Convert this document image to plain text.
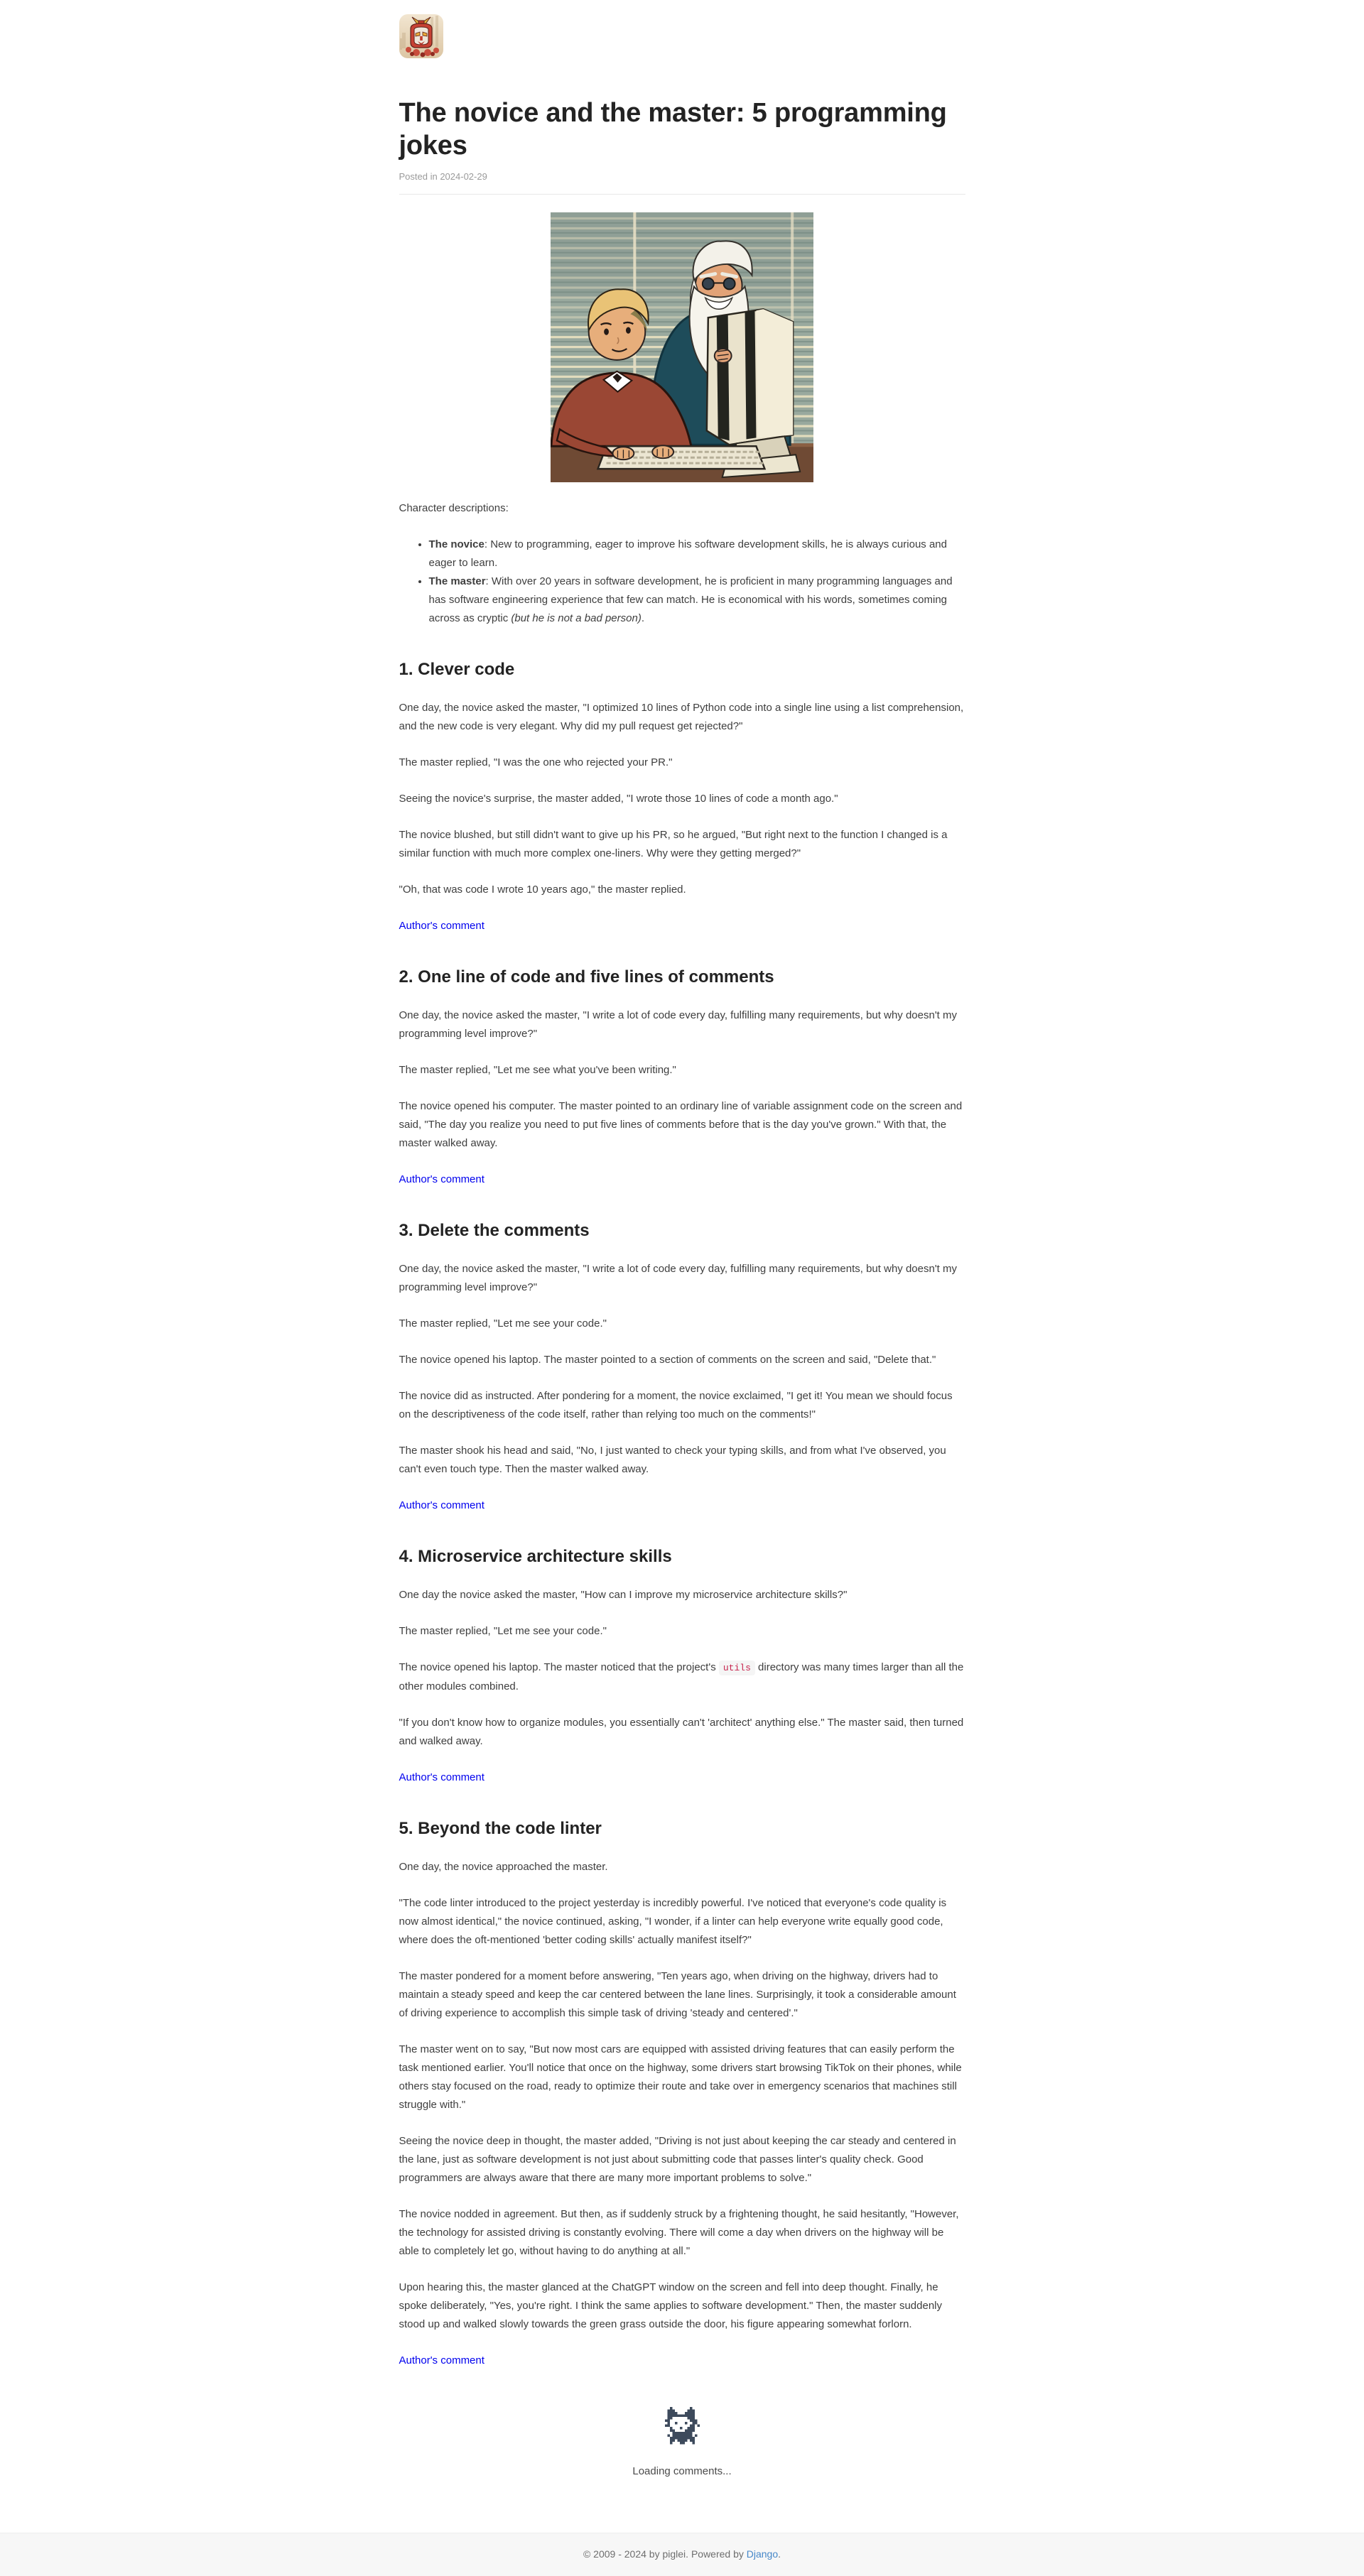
The novice and the master: 5 programming jokes
Posted in 2024-02-29

Character descriptions:

• The novice: New to programming, eager to improve his software development skills, he is always curious and eager to learn.
• The master: With over 20 years in software development, he is proficient in many programming languages and has software engineering experience that few can match. He is economical with his words, sometimes coming across as cryptic (but he is not a bad person).
1. Clever code

One day, the novice asked the master, "I optimized 10 lines of Python code into a single line using a list comprehension, and the new code is very elegant. Why did my pull request get rejected?"

The master replied, "I was the one who rejected your PR."

Seeing the novice's surprise, the master added, "I wrote those 10 lines of code a month ago."

The novice blushed, but still didn't want to give up his PR, so he argued, "But right next to the function I changed is a similar function with much more complex one-liners. Why were they getting merged?"

"Oh, that was code I wrote 10 years ago," the master replied.

Author's comment

2. One line of code and five lines of comments

One day, the novice asked the master, "I write a lot of code every day, fulfilling many requirements, but why doesn't my programming level improve?"

The master replied, "Let me see what you've been writing."

The novice opened his computer. The master pointed to an ordinary line of variable assignment code on the screen and said, "The day you realize you need to put five lines of comments before that is the day you've grown." With that, the master walked away.

Author's comment

3. Delete the comments

One day, the novice asked the master, "I write a lot of code every day, fulfilling many requirements, but why doesn't my programming level improve?"

The master replied, "Let me see your code."

The novice opened his laptop. The master pointed to a section of comments on the screen and said, "Delete that."

The novice did as instructed. After pondering for a moment, the novice exclaimed, "I get it! You mean we should focus on the descriptiveness of the code itself, rather than relying too much on the comments!"

The master shook his head and said, "No, I just wanted to check your typing skills, and from what I've observed, you can't even touch type. Then the master walked away.

Author's comment

4. Microservice architecture skills

One day the novice asked the master, "How can I improve my microservice architecture skills?"

The master replied, "Let me see your code."

The novice opened his laptop. The master noticed that the project's utils directory was many times larger than all the other modules combined.

"If you don't know how to organize modules, you essentially can't 'architect' anything else." The master said, then turned and walked away.

Author's comment

5. Beyond the code linter

One day, the novice approached the master.

"The code linter introduced to the project yesterday is incredibly powerful. I've noticed that everyone's code quality is now almost identical," the novice continued, asking, "I wonder, if a linter can help everyone write equally good code, where does the oft-mentioned 'better coding skills' actually manifest itself?"

The master pondered for a moment before answering, "Ten years ago, when driving on the highway, drivers had to maintain a steady speed and keep the car centered between the lane lines. Surprisingly, it took a considerable amount of driving experience to accomplish this simple task of driving 'steady and centered'."

The master went on to say, "But now most cars are equipped with assisted driving features that can easily perform the task mentioned earlier. You'll notice that once on the highway, some drivers start browsing TikTok on their phones, while others stay focused on the road, ready to optimize their route and take over in emergency scenarios that machines still struggle with."

Seeing the novice deep in thought, the master added, "Driving is not just about keeping the car steady and centered in the lane, just as software development is not just about submitting code that passes linter's quality check. Good programmers are always aware that there are many more important problems to solve."

The novice nodded in agreement. But then, as if suddenly struck by a frightening thought, he said hesitantly, "However, the technology for assisted driving is constantly evolving. There will come a day when drivers on the highway will be able to completely let go, without having to do anything at all."

Upon hearing this, the master glanced at the ChatGPT window on the screen and fell into deep thought. Finally, he spoke deliberately, "Yes, you're right. I think the same applies to software development." Then, the master suddenly stood up and walked slowly towards the green grass outside the door, his figure appearing somewhat forlorn.

Author's comment

Loading comments...

© 2009 - 2024 by piglei. Powered by Django.
